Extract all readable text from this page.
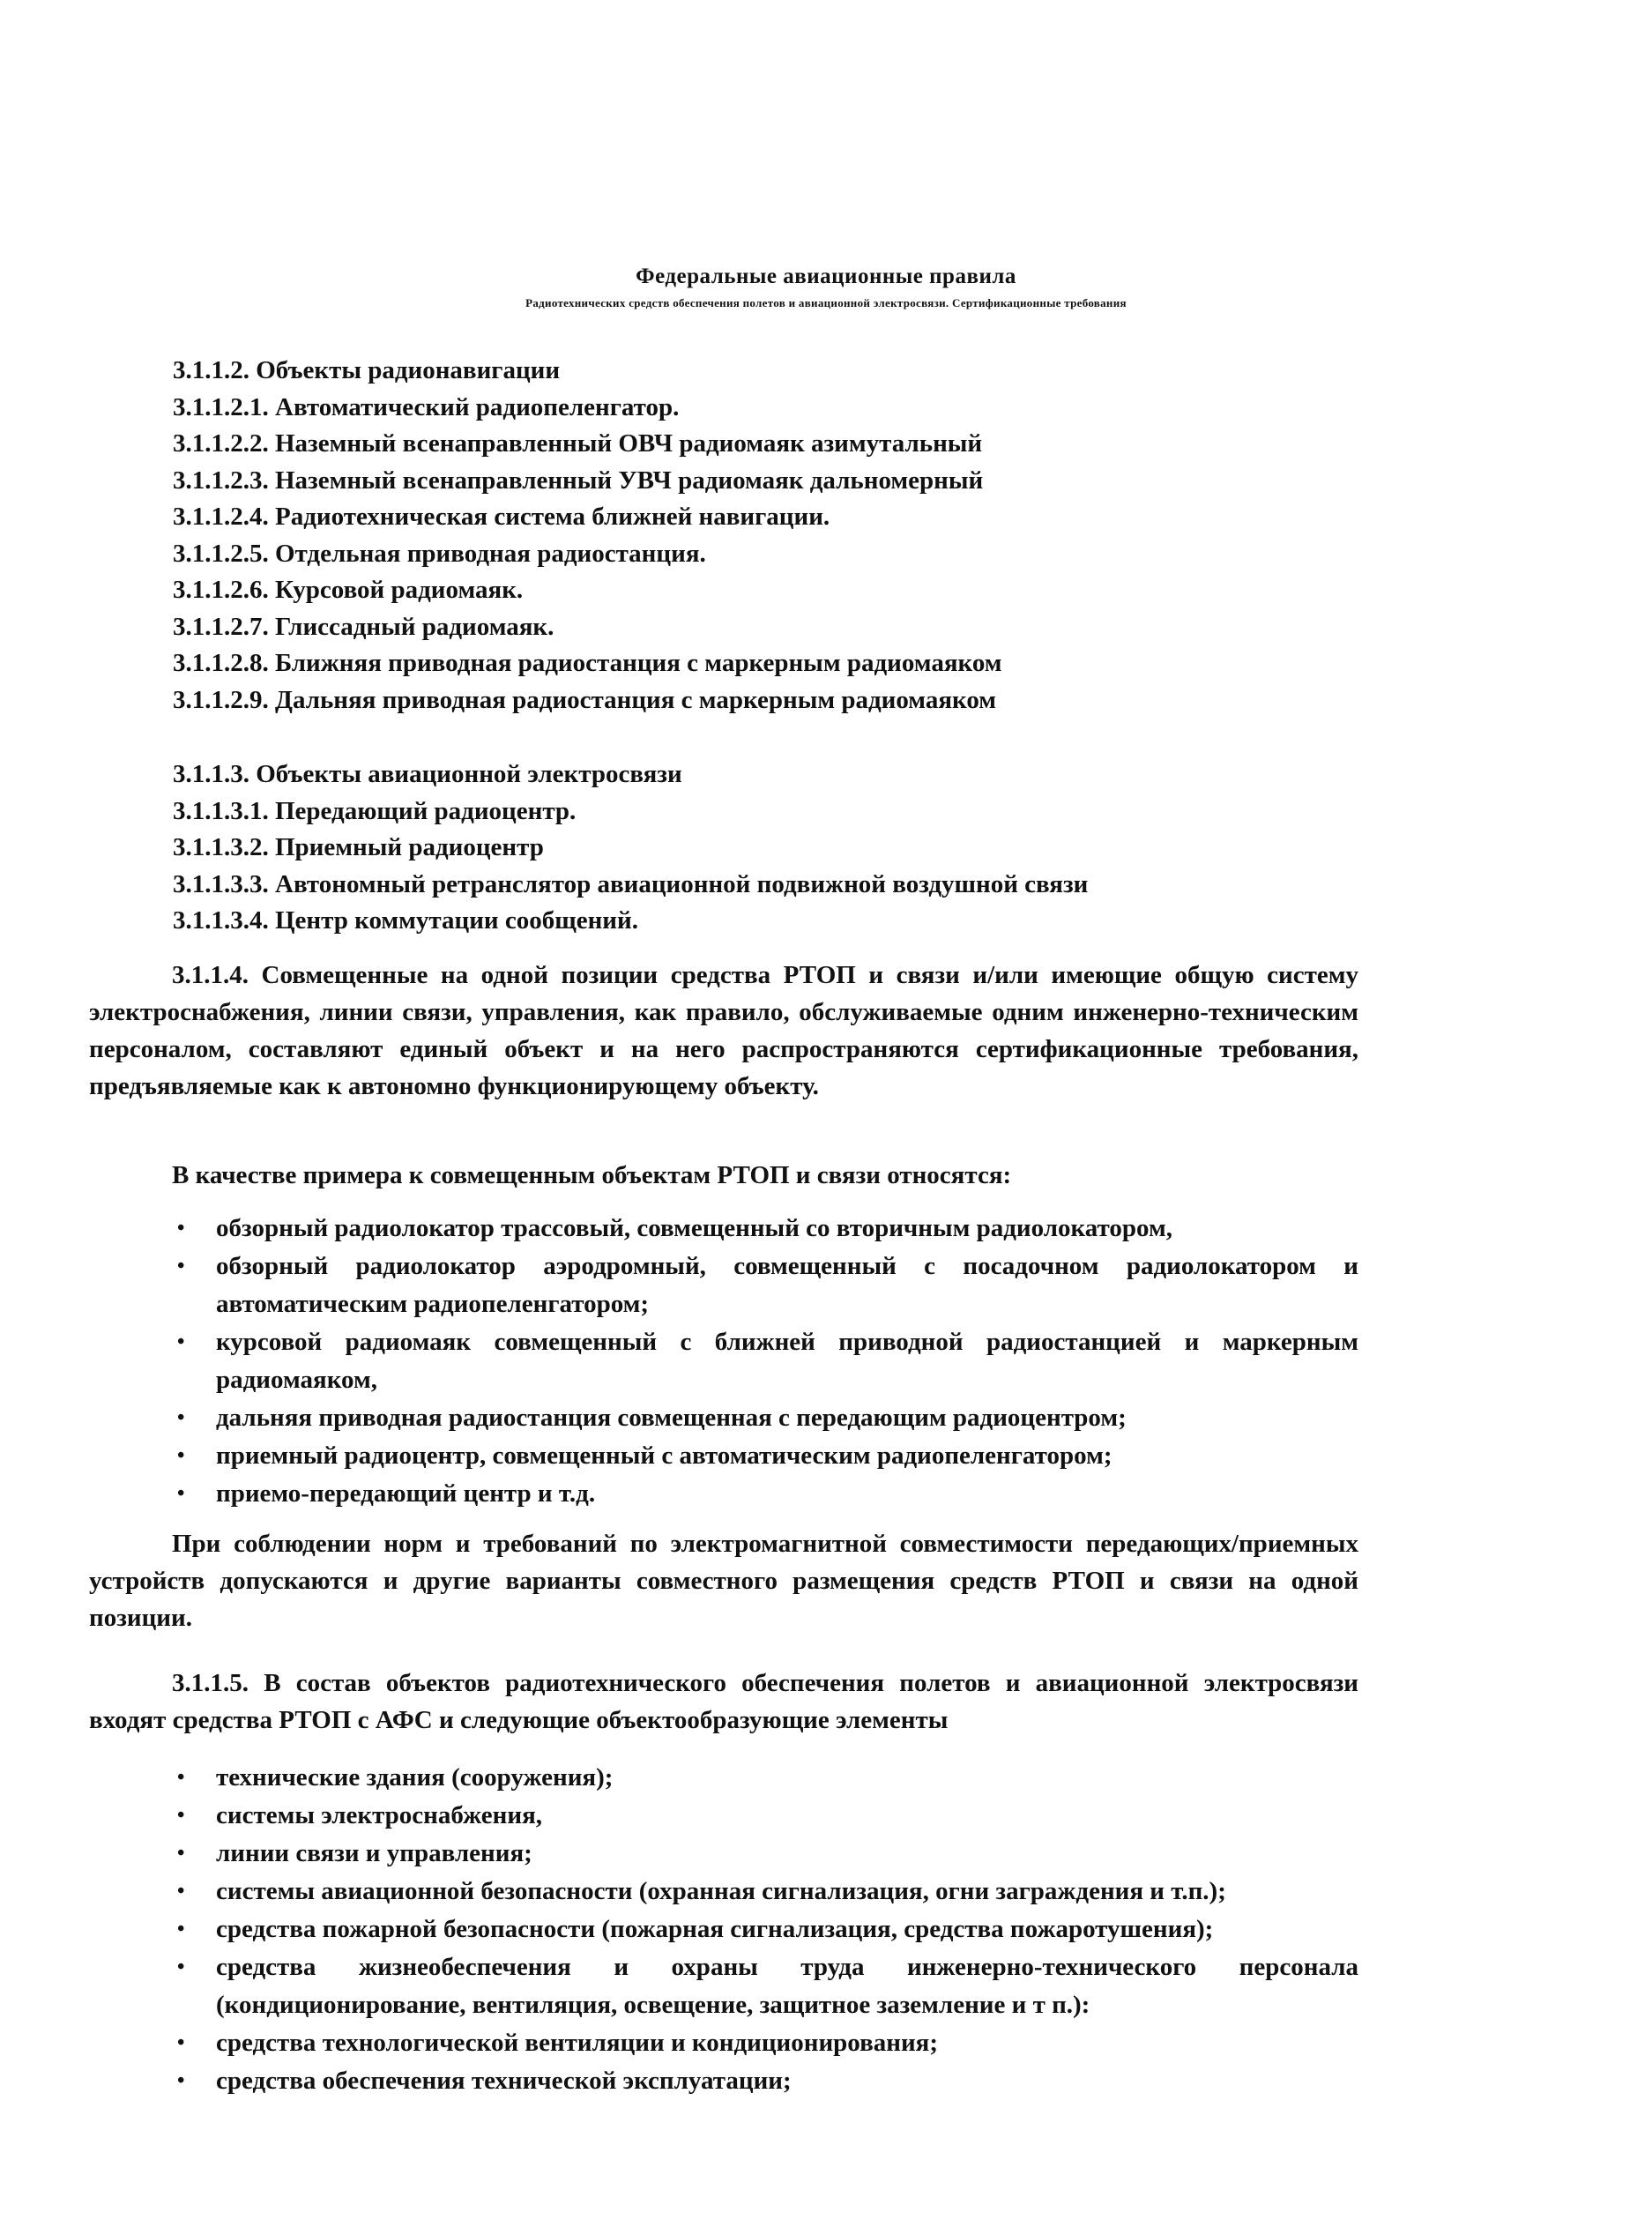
Федеральные авиационные правила
Радиотехнических средств обеспечения полетов и авиационной электросвязи. Сертификационные требования
3.1.1.2. Объекты радионавигации
3.1.1.2.1. Автоматический радиопеленгатор.
3.1.1.2.2. Наземный всенаправленный ОВЧ радиомаяк азимутальный
3.1.1.2.3. Наземный всенаправленный УВЧ радиомаяк дальномерный
3.1.1.2.4. Радиотехническая система ближней навигации.
3.1.1.2.5. Отдельная приводная радиостанция.
3.1.1.2.6. Курсовой радиомаяк.
3.1.1.2.7. Глиссадный радиомаяк.
3.1.1.2.8. Ближняя приводная радиостанция с маркерным радиомаяком
3.1.1.2.9. Дальняя приводная радиостанция с маркерным радиомаяком
3.1.1.3. Объекты авиационной электросвязи
3.1.1.3.1. Передающий радиоцентр.
3.1.1.3.2. Приемный радиоцентр
3.1.1.3.3. Автономный ретранслятор авиационной подвижной воздушной связи
3.1.1.3.4. Центр коммутации сообщений.
3.1.1.4. Совмещенные на одной позиции средства РТОП и связи и/или имеющие общую систему электроснабжения, линии связи, управления, как правило, обслуживаемые одним инженерно-техническим персоналом, составляют единый объект и на него распространяются сертификационные требования, предъявляемые как к автономно функционирующему объекту.
В качестве примера к совмещенным объектам РТОП и связи относятся:
• обзорный радиолокатор трассовый, совмещенный со вторичным радиолокатором,
• обзорный радиолокатор аэродромный, совмещенный с посадочном радиолокатором и автоматическим радиопеленгатором;
• курсовой радиомаяк совмещенный с ближней приводной радиостанцией и маркерным радиомаяком,
• дальняя приводная радиостанция совмещенная с передающим радиоцентром;
• приемный радиоцентр, совмещенный с автоматическим радиопеленгатором;
• приемо-передающий центр и т.д.
При соблюдении норм и требований по электромагнитной совместимости передающих/приемных устройств допускаются и другие варианты совместного размещения средств РТОП и связи на одной позиции.
3.1.1.5. В состав объектов радиотехнического обеспечения полетов и авиационной электросвязи входят средства РТОП с АФС и следующие объектообразующие элементы
• технические здания (сооружения);
• системы электроснабжения,
• линии связи и управления;
• системы авиационной безопасности (охранная сигнализация, огни заграждения и т.п.);
• средства пожарной безопасности (пожарная сигнализация, средства пожаротушения);
• средства жизнеобеспечения и охраны труда инженерно-технического персонала (кондиционирование, вентиляция, освещение, защитное заземление и т п.):
• средства технологической вентиляции и кондиционирования;
• средства обеспечения технической эксплуатации;
